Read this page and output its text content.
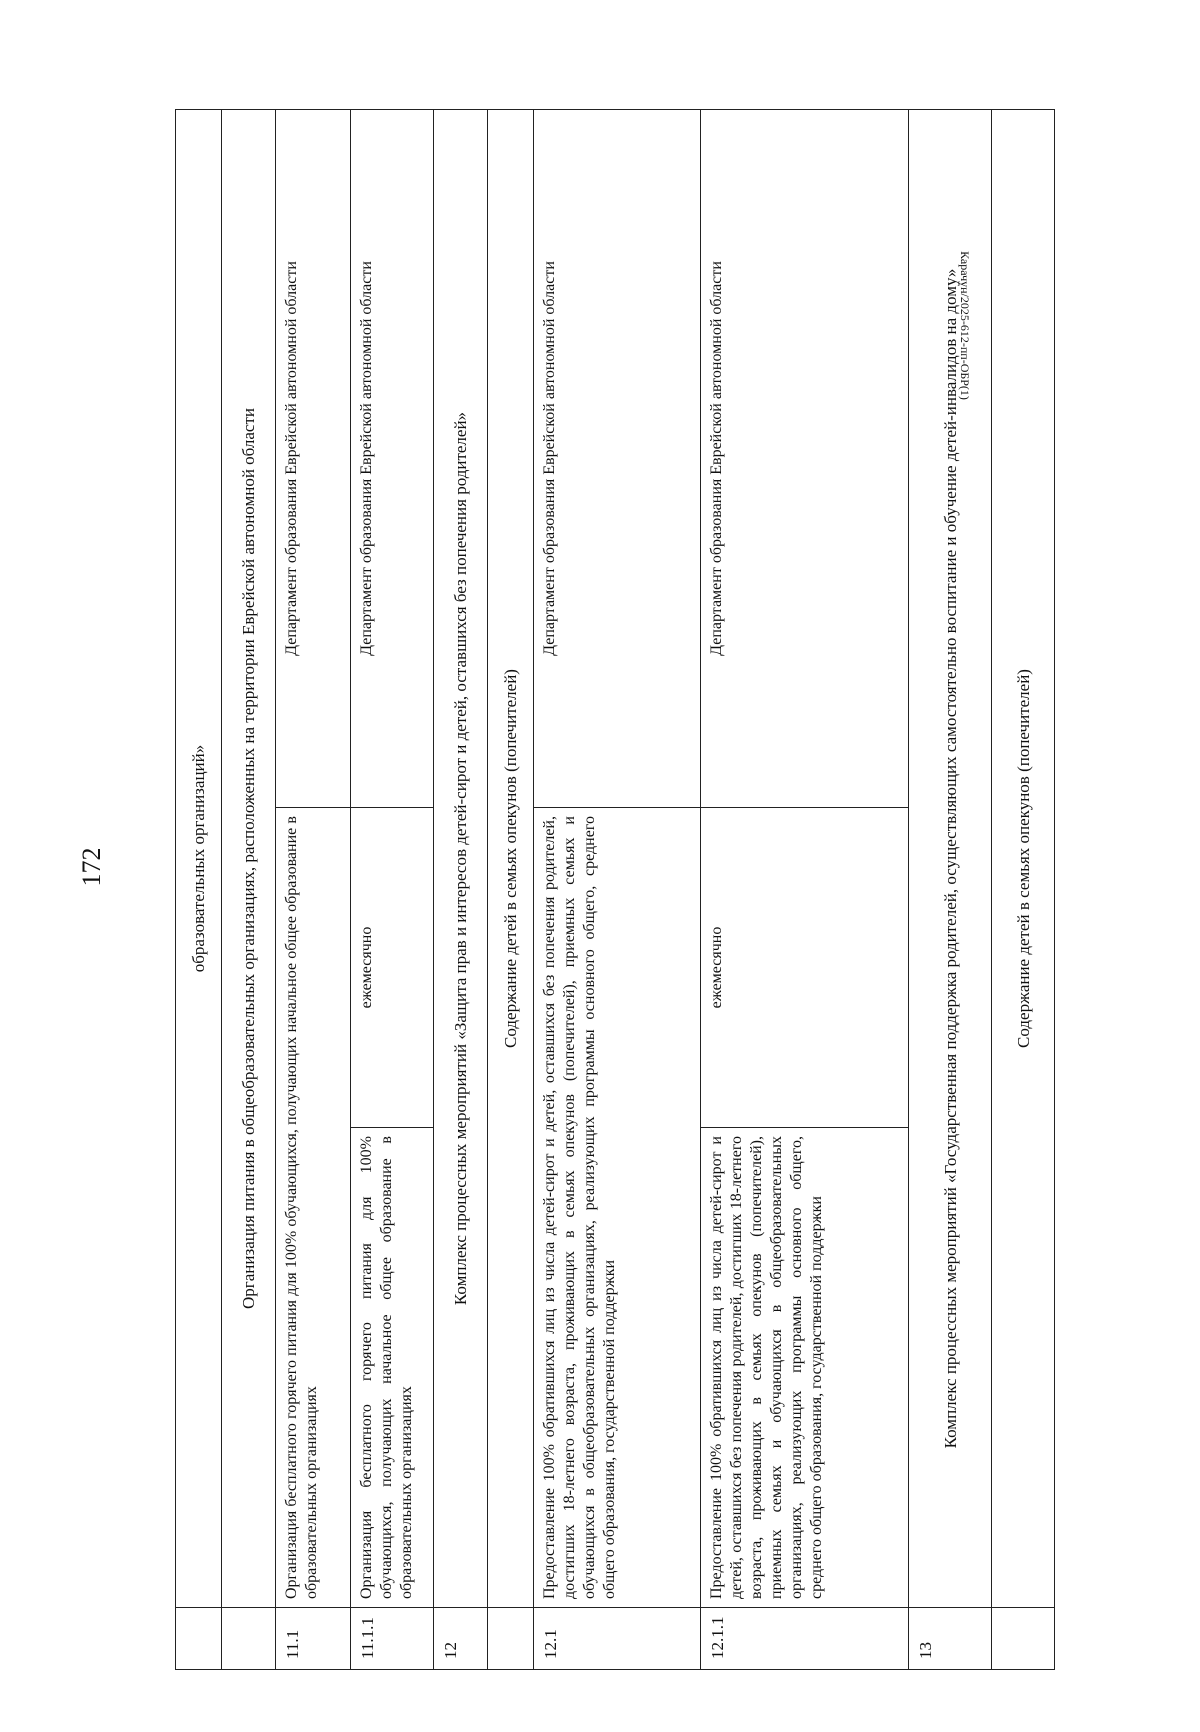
172
		образовательных организаций»		
	Организация питания в общеобразовательных организациях, расположенных на территории Еврейской автономной области		
11.1	Организация бесплатного горячего питания для 100% обучающихся, получающих начальное общее образование в образовательных организациях		Департамент образования Еврейской автономной области
11.1.1	Организация бесплатного горячего питания для 100% обучающихся, получающих начальное общее образование в образовательных организациях	ежемесячно	Департамент образования Еврейской автономной области
12	Комплекс процессных мероприятий «Защита прав и интересов детей-сирот и детей, оставшихся без попечения родителей»		
	Содержание детей в семьях опекунов (попечителей)		
12.1	Предоставление 100% обратившихся лиц из числа детей-сирот и детей, оставшихся без попечения родителей, достигших 18-летнего возраста, проживающих в семьях опекунов (попечителей), приемных семьях и обучающихся в общеобразовательных организациях, реализующих программы основного общего, среднего общего образования, государственной поддержки		Департамент образования Еврейской автономной области
12.1.1	Предоставление 100% обратившихся лиц из числа детей-сирот и детей, оставшихся без попечения родителей, достигших 18-летнего возраста, проживающих в семьях опекунов (попечителей), приемных семьях и обучающихся в общеобразовательных организациях, реализующих программы основного общего, среднего общего образования, государственной поддержки	ежемесячно	Департамент образования Еврейской автономной области
13	Комплекс процессных мероприятий «Государственная поддержка родителей, осуществляющих самостоятельно воспитание и обучение детей-инвалидов на дому»		
	Содержание детей в семьях опекунов (попечителей)		
Карачун/2025-612-пп-ОБР(1)
